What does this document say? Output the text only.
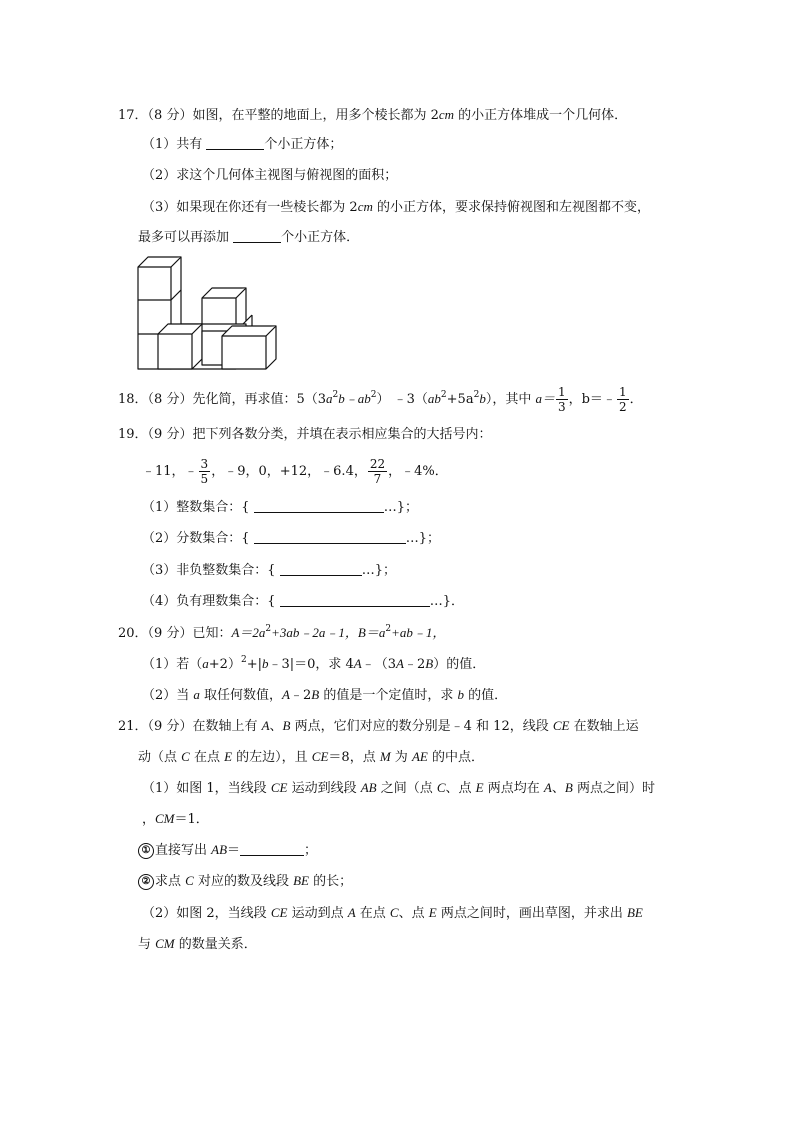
17．（8 分）如图，在平整的地面上，用多个棱长都为 2cm 的小正方体堆成一个几何体．
（1）共有	个小正方体；
（2）求这个几何体主视图与俯视图的面积；
（3）如果现在你还有一些棱长都为 2cm 的小正方体，要求保持俯视图和左视图都不变，
最多可以再添加	个小正方体．
18．（8 分）先化简，再求值：$5(3a^2b﹣ab^2)$ $﹣3(ab^2+5a^2b)$，其中 $a= \frac{1}{3}$ ，b＝﹣ $\frac{1}{2}$ ．
19．（9 分）把下列各数分类，并填在表示相应集合的大括号内：
﹣11，﹣ $\frac{3}{5}$ ，﹣9，0，+12，﹣6.4， $\frac{22}{7}$ ，﹣4%．
（1）整数集合：{	…}；
（2）分数集合：{	…}；
（3）非负整数集合：{	…}；
（4）负有理数集合：{	…}．
20．（9 分）已知：$A=2a^2+3ab﹣2a﹣1$，$B=a^2+ab﹣1$，
（1）若$(a+2)^2+|b﹣3|=0$，求 4A﹣（3A﹣2B）的值．
（2）当 a 取任何数值，A﹣2B 的值是一个定值时，求 b 的值．
21．（9 分）在数轴上有 A、B 两点，它们对应的数分别是﹣4 和 12，线段 CE 在数轴上运
动（点 C 在点 E 的左边），且 CE＝8，点 M 为 AE 的中点．
（1）如图 1，当线段 CE 运动到线段 AB 之间（点 C、点 E 两点均在 A、B 两点之间）时
，CM＝1．
① 直接写出 AB＝	；
② 求点 C 对应的数及线段 BE 的长；
（2）如图 2，当线段 CE 运动到点 A 在点 C、点 E 两点之间时，画出草图，并求出 BE
与 CM 的数量关系．
